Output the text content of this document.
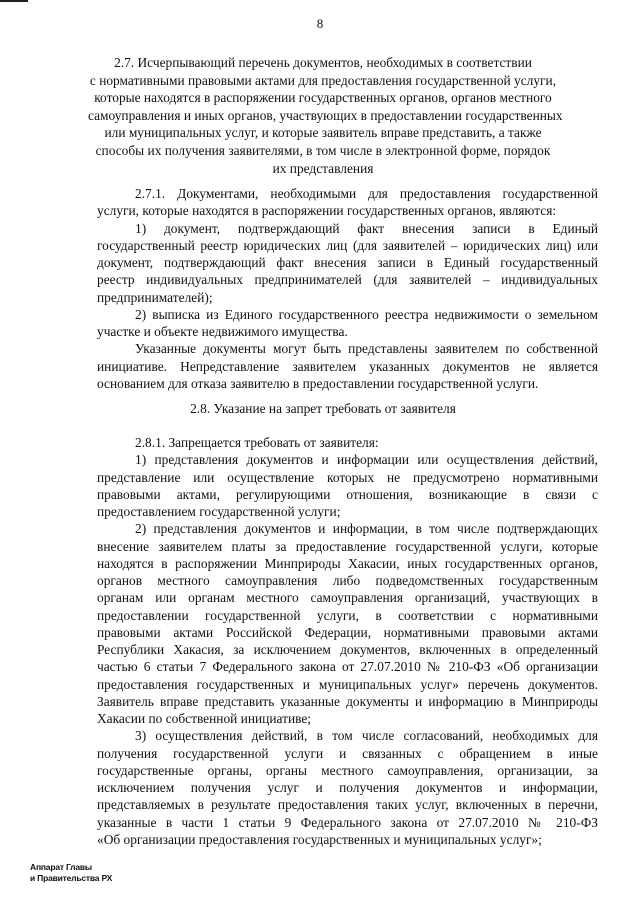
8
2.7. Исчерпывающий перечень документов, необходимых в соответствии
с нормативными правовыми актами для предоставления государственной услуги,
которые находятся в распоряжении государственных органов, органов местного
самоуправления и иных органов, участвующих в предоставлении государственных
или муниципальных услуг, и которые заявитель вправе представить, а также
способы их получения заявителями, в том числе в электронной форме, порядок
их представления
2.7.1. Документами, необходимыми для предоставления государственной
услуги, которые находятся в распоряжении государственных органов, являются:
1) документ, подтверждающий факт внесения записи в Единый
государственный реестр юридических лиц (для заявителей – юридических лиц) или
документ, подтверждающий факт внесения записи в Единый государственный
реестр индивидуальных предпринимателей (для заявителей – индивидуальных
предпринимателей);
2) выписка из Единого государственного реестра недвижимости о земельном
участке и объекте недвижимого имущества.
Указанные документы могут быть представлены заявителем по собственной
инициативе. Непредставление заявителем указанных документов не является
основанием для отказа заявителю в предоставлении государственной услуги.
2.8. Указание на запрет требовать от заявителя
2.8.1. Запрещается требовать от заявителя:
1) представления документов и информации или осуществления действий,
представление или осуществление которых не предусмотрено нормативными
правовыми актами, регулирующими отношения, возникающие в связи с
предоставлением государственной услуги;
2) представления документов и информации, в том числе подтверждающих
внесение заявителем платы за предоставление государственной услуги, которые
находятся в распоряжении Минприроды Хакасии, иных государственных органов,
органов местного самоуправления либо подведомственных государственным
органам или органам местного самоуправления организаций, участвующих в
предоставлении государственной услуги, в соответствии с нормативными
правовыми актами Российской Федерации, нормативными правовыми актами
Республики Хакасия, за исключением документов, включенных в определенный
частью 6 статьи 7 Федерального закона от 27.07.2010 № 210-ФЗ «Об организации
предоставления государственных и муниципальных услуг» перечень документов.
Заявитель вправе представить указанные документы и информацию в Минприроды
Хакасии по собственной инициативе;
3) осуществления действий, в том числе согласований, необходимых для
получения государственной услуги и связанных с обращением в иные
государственные органы, органы местного самоуправления, организации, за
исключением получения услуг и получения документов и информации,
представляемых в результате предоставления таких услуг, включенных в перечни,
указанные в части 1 статьи 9 Федерального закона от 27.07.2010 № 210-ФЗ
«Об организации предоставления государственных и муниципальных услуг»;
Аппарат Главы
и Правительства РХ
